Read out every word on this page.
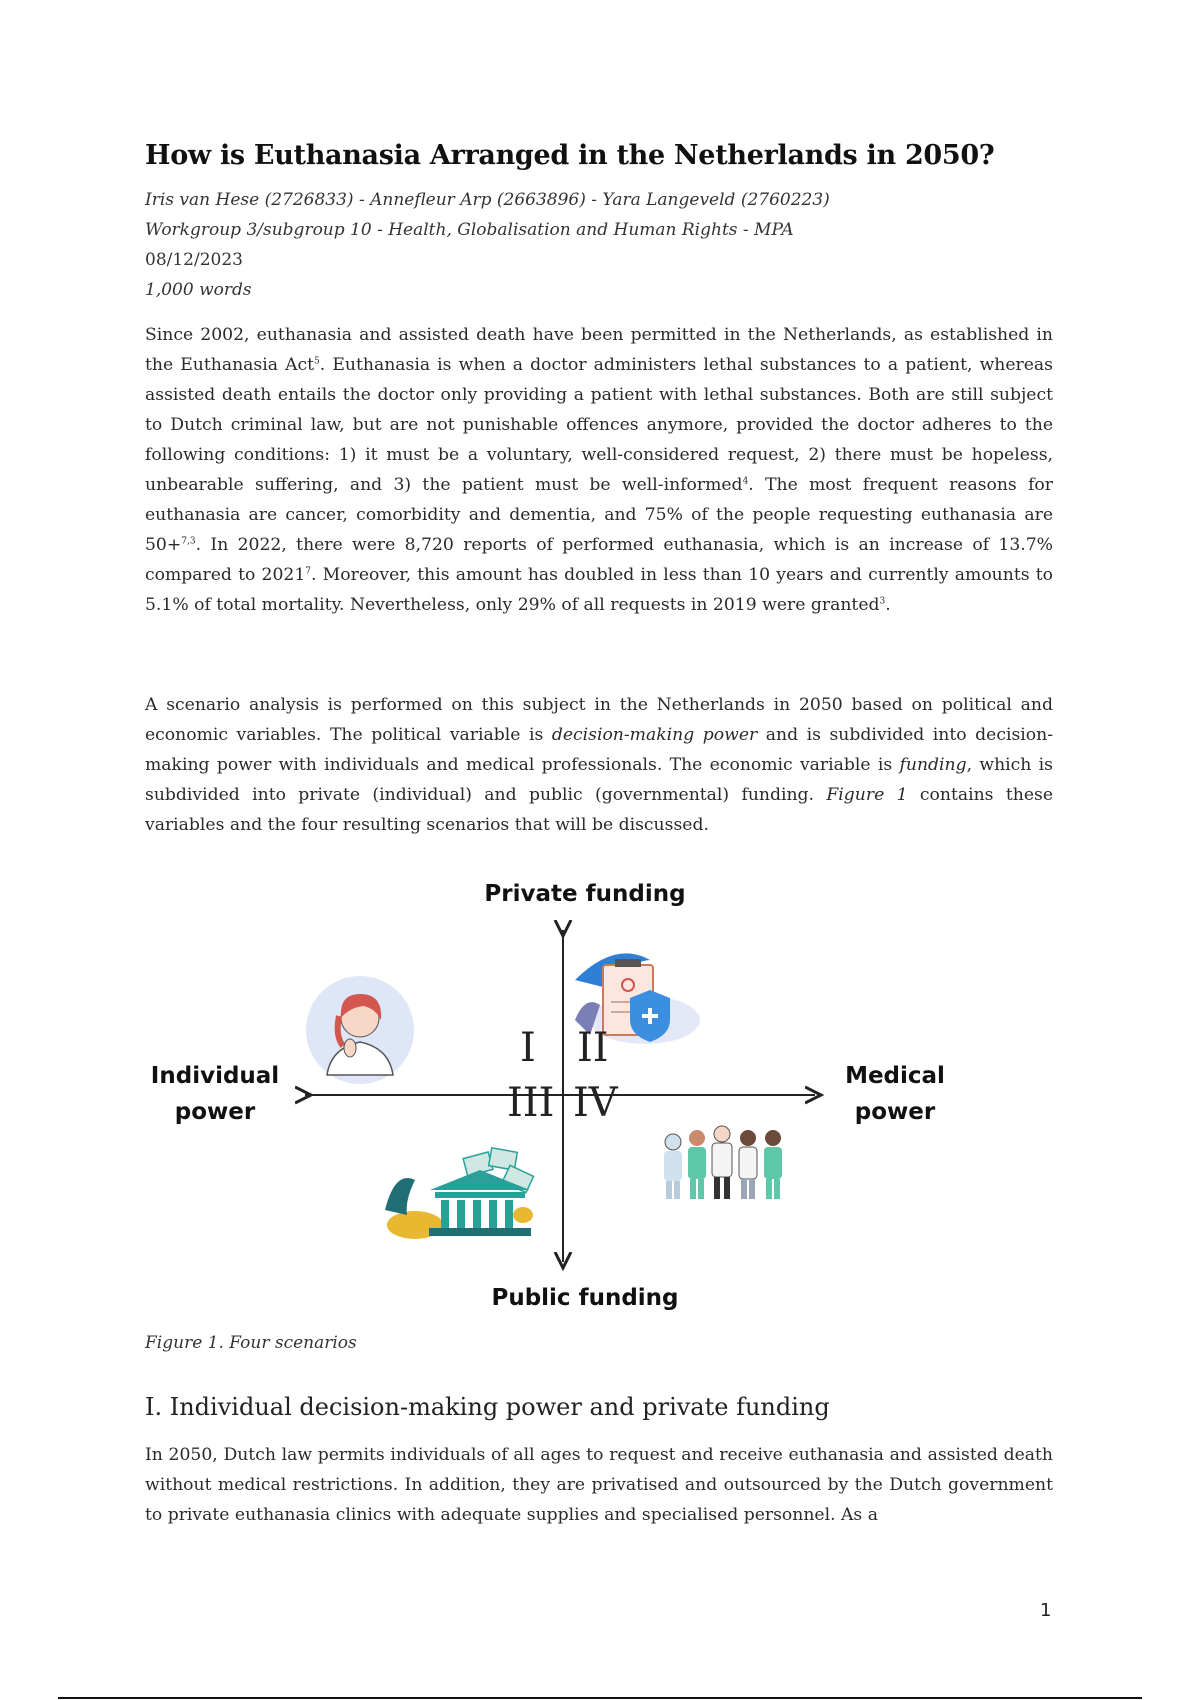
How is Euthanasia Arranged in the Netherlands in 2050?
Iris van Hese (2726833) - Annefleur Arp (2663896) - Yara Langeveld (2760223)
Workgroup 3/subgroup 10 - Health, Globalisation and Human Rights - MPA
08/12/2023
1,000 words

Since 2002, euthanasia and assisted death have been permitted in the Netherlands, as established in the Euthanasia Act$^5$. Euthanasia is when a doctor administers lethal substances to a patient, whereas assisted death entails the doctor only providing a patient with lethal substances. Both are still subject to Dutch criminal law, but are not punishable offences anymore, provided the doctor adheres to the following conditions: 1) it must be a voluntary, well-considered request, 2) there must be hopeless, unbearable suffering, and 3) the patient must be well-informed$^4$. The most frequent reasons for euthanasia are cancer, comorbidity and dementia, and 75% of the people requesting euthanasia are 50+$^{7,3}$. In 2022, there were 8,720 reports of performed euthanasia, which is an increase of 13.7% compared to 2021$^7$. Moreover, this amount has doubled in less than 10 years and currently amounts to 5.1% of total mortality. Nevertheless, only 29% of all requests in 2019 were granted$^3$.

A scenario analysis is performed on this subject in the Netherlands in 2050 based on political and economic variables. The political variable is decision-making power and is subdivided into decision-making power with individuals and medical professionals. The economic variable is funding, which is subdivided into private (individual) and public (governmental) funding. Figure 1 contains these variables and the four resulting scenarios that will be discussed.

Private funding
Public funding
Individual
power
Medical
power
I II
III IV
Figure 1. Four scenarios
I. Individual decision-making power and private funding

In 2050, Dutch law permits individuals of all ages to request and receive euthanasia and assisted death without medical restrictions. In addition, they are privatised and outsourced by the Dutch government to private euthanasia clinics with adequate supplies and specialised personnel. As a

1
